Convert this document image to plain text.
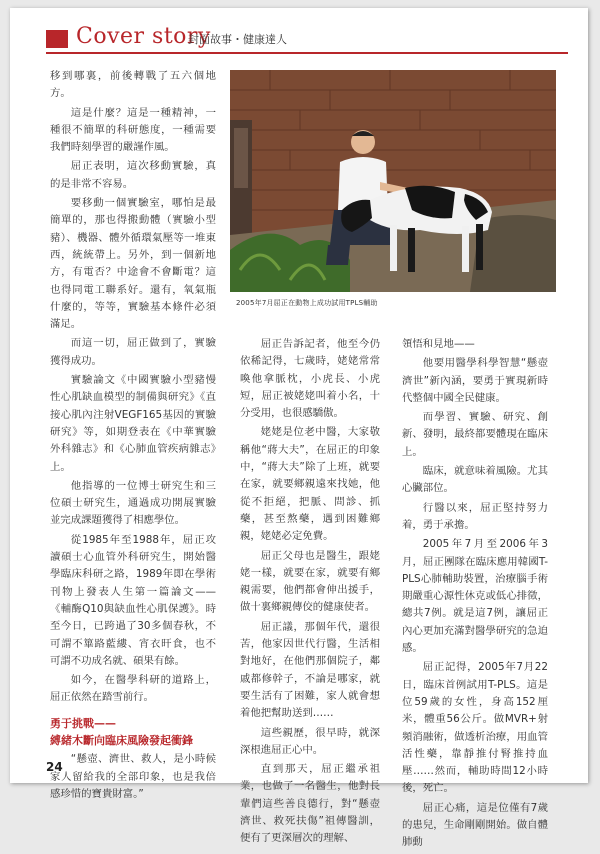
Cover story
封面故事・健康達人

移到哪裏，前後轉戰了五六個地方。

這是什麼？這是一種精神，一種很不簡單的科研態度，一種需要我們時刻學習的嚴謹作風。

屈正表明，這次移動實驗，真的是非常不容易。

要移動一個實驗室，哪怕是最簡單的，那也得搬動體（實驗小型豬）、機器、體外循環氣壓等一堆東西，統統帶上。另外，到一個新地方，有電否？中途會不會斷電？這也得同電工聯系好。還有，氧氣瓶什麼的，等等，實驗基本條件必須滿足。

而這一切，屈正做到了，實驗獲得成功。

實驗論文《中國實驗小型豬慢性心肌缺血模型的制備與研究》《直接心肌內注射VEGF165基因的實驗研究》等，如期登表在《中華實驗外科雜志》和《心肺血管疾病雜志》上。

他指導的一位博士研究生和三位碩士研究生，通過成功開展實驗並完成課題獲得了相應學位。

從1985年至1988年，屈正攻讀碩士心血管外科研究生，開始醫學臨床科研之路，1989年即在學術刊物上發表人生第一篇論文——《輔酶Q10與缺血性心肌保護》。時至今日，已跨過了30多個春秋，不可謂不篳路藍縷、宵衣旰食，也不可謂不功成名就、碩果有餘。

如今，在醫學科研的道路上，屈正依然在踏雪前行。

勇于挑戰——
縛緒木斷向臨床風險發起衝鋒

“懸壺、濟世、救人，是小時候家人留給我的全部印象，也是我倍感珍惜的寶貴財富。”

2005年7月屈正在動物上成功試用TPLS輔助

屈正告訴記者，他至今仍依稀記得，七歲時，姥姥常常喚他拿脈枕，小虎長、小虎短，屈正被姥姥叫着小名，十分受用，也很感驕傲。

姥姥是位老中醫，大家敬稱他“蔣大夫”，在屈正的印象中，“蔣大夫”除了上班，就要在家，就要鄉親遠來找她，他從不拒絕，把脈、問診、抓藥，甚至熬藥，遇到困難鄉親，姥姥必定免費。

屈正父母也是醫生，跟姥姥一樣，就要在家，就要有鄉親需要，他們都會伸出援手，做十裏鄉親傳佼的健康使者。

屈正議，那個年代，還很苦，他家因世代行醫，生活相對地好，在他們那個院子，鄰戚都修幹子，不論是哪家，就要生活有了困難，家人就會想着他把幫助送到……

這些親歷，很早時，就深深根進屈正心中。

直到那天，屈正繼承祖業，也做了一名醫生，他對長輩們這些善良德行，對“懸壺濟世、救死扶傷”祖傳醫訓，便有了更深層次的理解、

領悟和見地——

他要用醫學科學智慧“懸壺濟世”新內涵，要勇于實現新時代整個中國全民健康。

而學習、實驗、研究、創新、發明，最終都要體現在臨床上。

臨床，就意味着風險。尤其心臟部位。

行醫以來，屈正堅持努力着，勇于承擔。

2005年7月至2006年3月，屈正團隊在臨床應用韓國T-PLS心肺輔助裝置，治療腦手術期嚴重心源性休克或低心排徵，總共7例。就是這7例，讓屈正內心更加充滿對醫學研究的急迫感。

屈正記得，2005年7月22日，臨床首例試用T-PLS。這是位59歲的女性，身高152厘米，體重56公斤。做MVR+射頻消融術，做透析治療，用血管活性藥，靠靜推付腎推持血壓……然而，輔助時間12小時後，死亡。

屈正心痛，這是位僅有7歲的患兒，生命剛剛開始。做自體肺動

24
